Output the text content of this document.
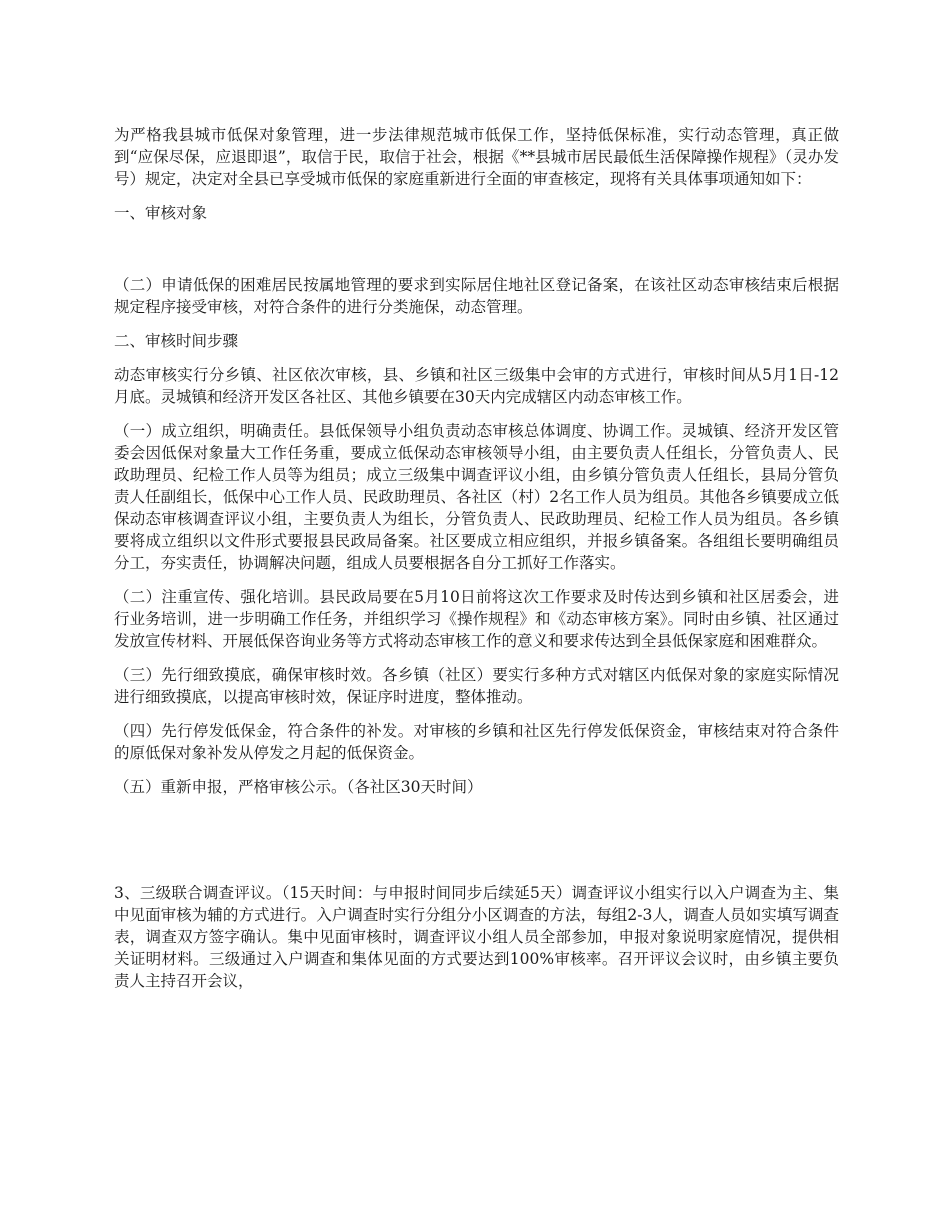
为严格我县城市低保对象管理，进一步法律规范城市低保工作，坚持低保标准，实行动态管理，真正做到“应保尽保，应退即退”，取信于民，取信于社会，根据《**县城市居民最低生活保障操作规程》（灵办发 号）规定，决定对全县已享受城市低保的家庭重新进行全面的审查核定，现将有关具体事项通知如下：

一、审核对象

（二）申请低保的困难居民按属地管理的要求到实际居住地社区登记备案，在该社区动态审核结束后根据规定程序接受审核，对符合条件的进行分类施保，动态管理。

二、审核时间步骤

动态审核实行分乡镇、社区依次审核，县、乡镇和社区三级集中会审的方式进行，审核时间从5月1日-12月底。灵城镇和经济开发区各社区、其他乡镇要在30天内完成辖区内动态审核工作。

（一）成立组织，明确责任。县低保领导小组负责动态审核总体调度、协调工作。灵城镇、经济开发区管委会因低保对象量大工作任务重，要成立低保动态审核领导小组，由主要负责人任组长，分管负责人、民政助理员、纪检工作人员等为组员；成立三级集中调查评议小组，由乡镇分管负责人任组长，县局分管负责人任副组长，低保中心工作人员、民政助理员、各社区（村）2名工作人员为组员。其他各乡镇要成立低保动态审核调查评议小组，主要负责人为组长，分管负责人、民政助理员、纪检工作人员为组员。各乡镇要将成立组织以文件形式要报县民政局备案。社区要成立相应组织，并报乡镇备案。各组组长要明确组员分工，夯实责任，协调解决问题，组成人员要根据各自分工抓好工作落实。

（二）注重宣传、强化培训。县民政局要在5月10日前将这次工作要求及时传达到乡镇和社区居委会，进行业务培训，进一步明确工作任务，并组织学习《操作规程》和《动态审核方案》。同时由乡镇、社区通过发放宣传材料、开展低保咨询业务等方式将动态审核工作的意义和要求传达到全县低保家庭和困难群众。

（三）先行细致摸底，确保审核时效。各乡镇（社区）要实行多种方式对辖区内低保对象的家庭实际情况进行细致摸底，以提高审核时效，保证序时进度，整体推动。

（四）先行停发低保金，符合条件的补发。对审核的乡镇和社区先行停发低保资金，审核结束对符合条件的原低保对象补发从停发之月起的低保资金。

（五）重新申报，严格审核公示。（各社区30天时间）

3、三级联合调查评议。（15天时间：与申报时间同步后续延5天）调查评议小组实行以入户调查为主、集中见面审核为辅的方式进行。入户调查时实行分组分小区调查的方法，每组2-3人，调查人员如实填写调查表，调查双方签字确认。集中见面审核时，调查评议小组人员全部参加，申报对象说明家庭情况，提供相关证明材料。三级通过入户调查和集体见面的方式要达到100%审核率。召开评议会议时，由乡镇主要负责人主持召开会议，
